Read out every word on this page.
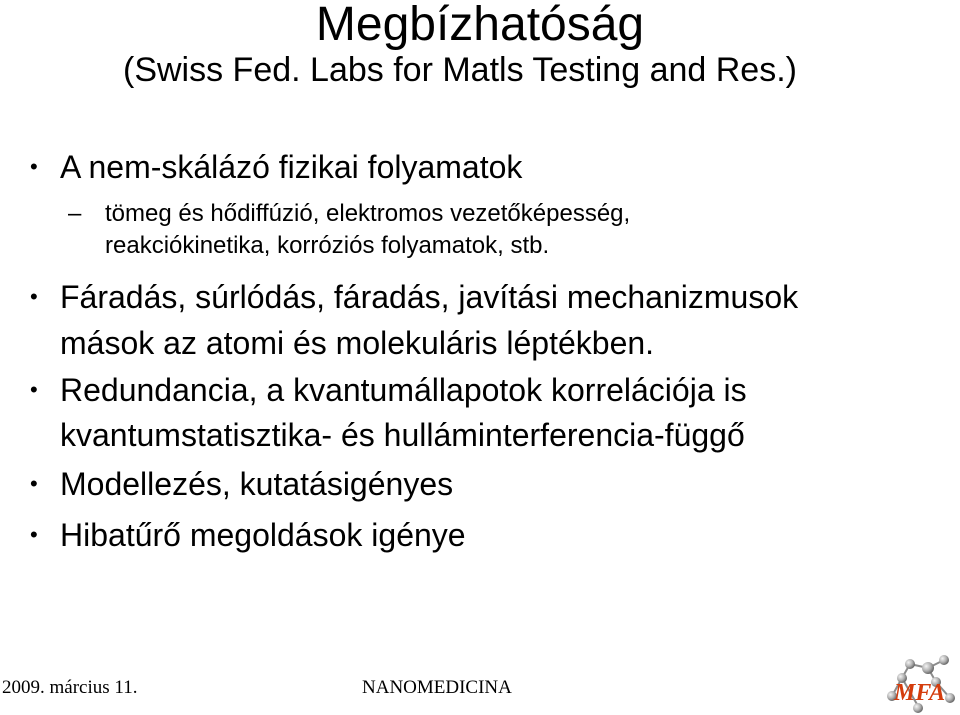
Megbízhatóság
(Swiss Fed. Labs for Matls Testing and Res.)
• A nem-skálázó fizikai folyamatok
– tömeg és hődiffúzió, elektromos vezetőképesség,
reakciókinetika, korróziós folyamatok, stb.
• Fáradás, súrlódás, fáradás, javítási mechanizmusok
mások az atomi és molekuláris léptékben.
• Redundancia, a kvantumállapotok korrelációja is
kvantumstatisztika- és hulláminterferencia-függő
• Modellezés, kutatásigényes
• Hibatűrő megoldások igénye
2009. március 11.	NANOMEDICINA	MFA
